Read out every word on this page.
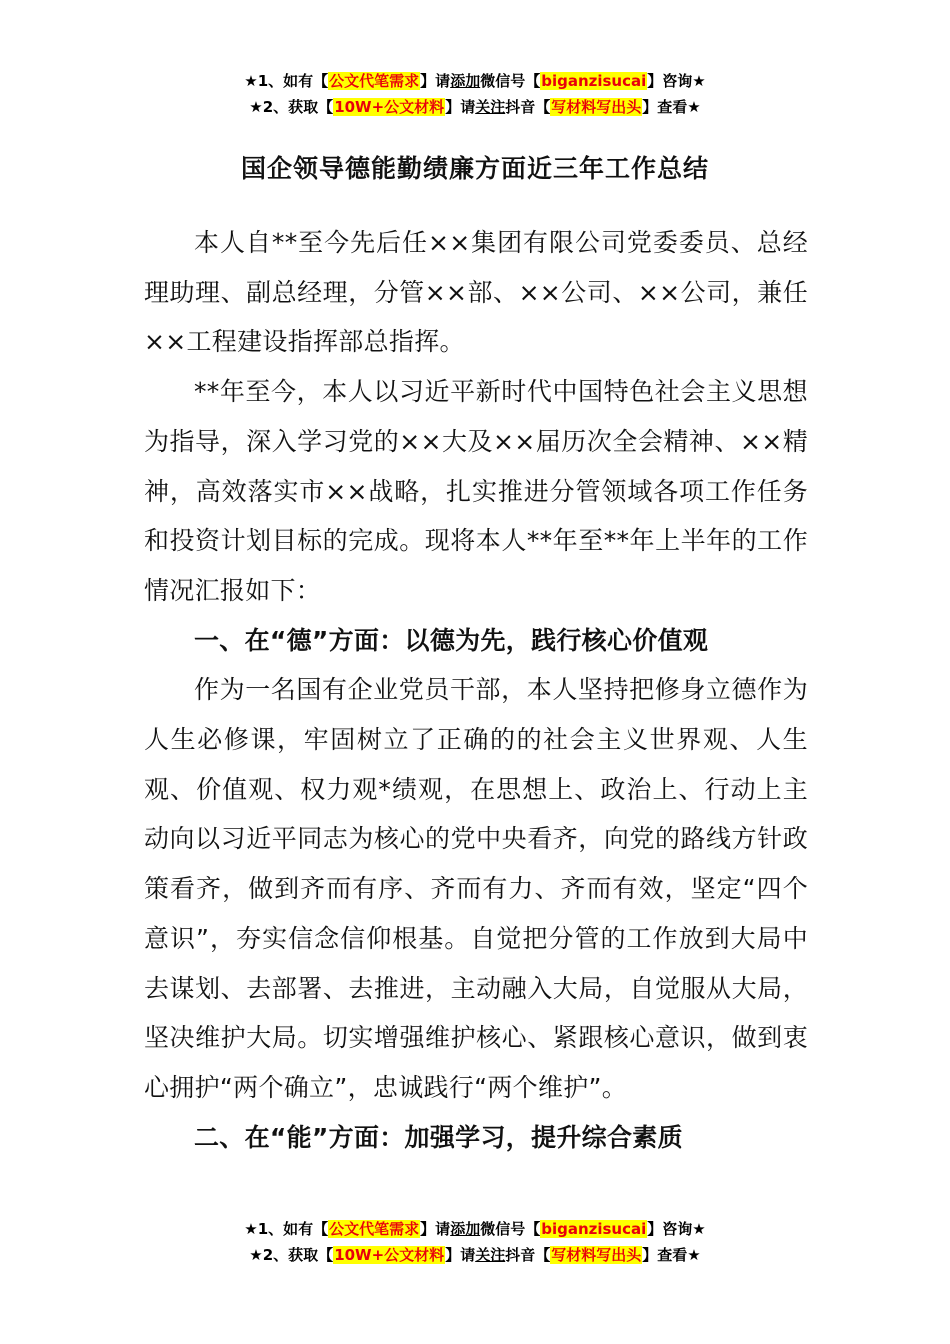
★1、如有【公文代笔需求】请添加微信号【biganzisucai】咨询★
★2、获取【10W+公文材料】请关注抖音【写材料写出头】查看★
国企领导德能勤绩廉方面近三年工作总结

本人自**至今先后任××集团有限公司党委委员、总经理助理、副总经理，分管××部、××公司、××公司，兼任××工程建设指挥部总指挥。

**年至今，本人以习近平新时代中国特色社会主义思想为指导，深入学习党的××大及××届历次全会精神、××精神，高效落实市××战略，扎实推进分管领域各项工作任务和投资计划目标的完成。现将本人**年至**年上半年的工作情况汇报如下：

一、在“德”方面：以德为先，践行核心价值观

作为一名国有企业党员干部，本人坚持把修身立德作为人生必修课，牢固树立了正确的的社会主义世界观、人生观、价值观、权力观*绩观，在思想上、政治上、行动上主动向以习近平同志为核心的党中央看齐，向党的路线方针政策看齐，做到齐而有序、齐而有力、齐而有效，坚定“四个意识”，夯实信念信仰根基。自觉把分管的工作放到大局中去谋划、去部署、去推进，主动融入大局，自觉服从大局，坚决维护大局。切实增强维护核心、紧跟核心意识，做到衷心拥护“两个确立”，忠诚践行“两个维护”。

二、在“能”方面：加强学习，提升综合素质
★1、如有【公文代笔需求】请添加微信号【biganzisucai】咨询★
★2、获取【10W+公文材料】请关注抖音【写材料写出头】查看★
